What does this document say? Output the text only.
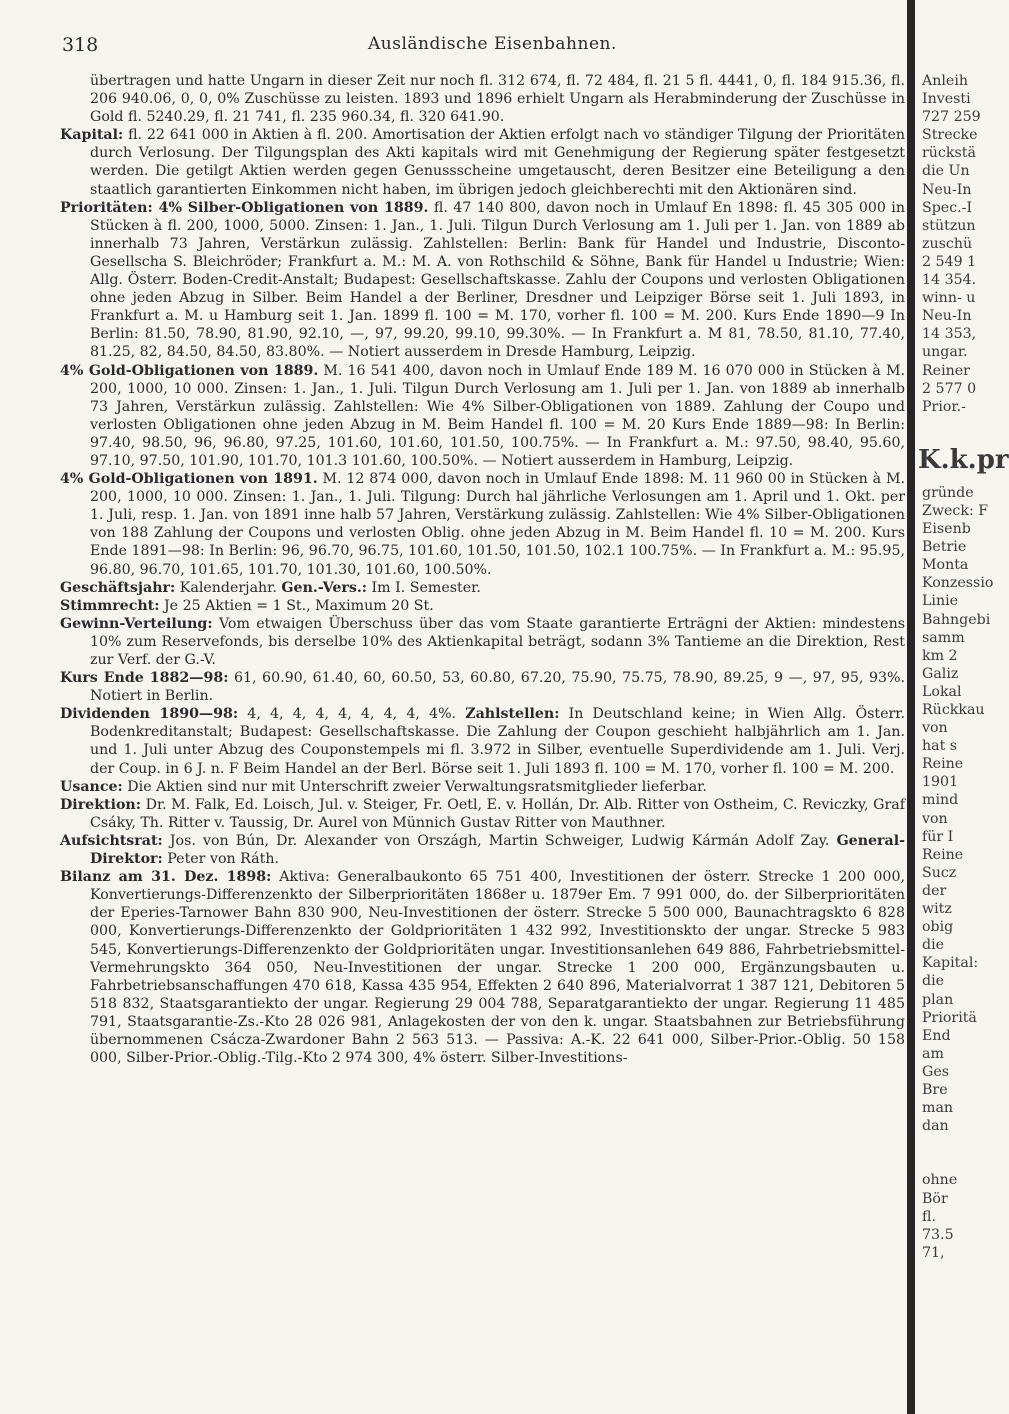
318	Ausländische Eisenbahnen.

übertragen und hatte Ungarn in dieser Zeit nur noch fl. 312 674, fl. 72 484, fl. 21 5 fl. 4441, 0, fl. 184 915.36, fl. 206 940.06, 0, 0, 0% Zuschüsse zu leisten. 1893 und 1896 erhielt Ungarn als Herabminderung der Zuschüsse in Gold fl. 5240.29, fl. 21 741, fl. 235 960.34, fl. 320 641.90.

Kapital: fl. 22 641 000 in Aktien à fl. 200. Amortisation der Aktien erfolgt nach vo ständiger Tilgung der Prioritäten durch Verlosung. Der Tilgungsplan des Akti kapitals wird mit Genehmigung der Regierung später festgesetzt werden. Die getilgt Aktien werden gegen Genussscheine umgetauscht, deren Besitzer eine Beteiligung a den staatlich garantierten Einkommen nicht haben, im übrigen jedoch gleichberechti mit den Aktionären sind.

Prioritäten: 4% Silber-Obligationen von 1889. fl. 47 140 800, davon noch in Umlauf En 1898: fl. 45 305 000 in Stücken à fl. 200, 1000, 5000. Zinsen: 1. Jan., 1. Juli. Tilgun Durch Verlosung am 1. Juli per 1. Jan. von 1889 ab innerhalb 73 Jahren, Verstärkun zulässig. Zahlstellen: Berlin: Bank für Handel und Industrie, Disconto-Gesellscha S. Bleichröder; Frankfurt a. M.: M. A. von Rothschild & Söhne, Bank für Handel u Industrie; Wien: Allg. Österr. Boden-Credit-Anstalt; Budapest: Gesellschaftskasse. Zahlu der Coupons und verlosten Obligationen ohne jeden Abzug in Silber. Beim Handel a der Berliner, Dresdner und Leipziger Börse seit 1. Juli 1893, in Frankfurt a. M. u Hamburg seit 1. Jan. 1899 fl. 100 = M. 170, vorher fl. 100 = M. 200. Kurs Ende 1890—9 In Berlin: 81.50, 78.90, 81.90, 92.10, —, 97, 99.20, 99.10, 99.30%. — In Frankfurt a. M 81, 78.50, 81.10, 77.40, 81.25, 82, 84.50, 84.50, 83.80%. — Notiert ausserdem in Dresde Hamburg, Leipzig.

4% Gold-Obligationen von 1889. M. 16 541 400, davon noch in Umlauf Ende 189 M. 16 070 000 in Stücken à M. 200, 1000, 10 000. Zinsen: 1. Jan., 1. Juli. Tilgun Durch Verlosung am 1. Juli per 1. Jan. von 1889 ab innerhalb 73 Jahren, Verstärkun zulässig. Zahlstellen: Wie 4% Silber-Obligationen von 1889. Zahlung der Coupo und verlosten Obligationen ohne jeden Abzug in M. Beim Handel fl. 100 = M. 20 Kurs Ende 1889—98: In Berlin: 97.40, 98.50, 96, 96.80, 97.25, 101.60, 101.60, 101.50, 100.75%. — In Frankfurt a. M.: 97.50, 98.40, 95.60, 97.10, 97.50, 101.90, 101.70, 101.3 101.60, 100.50%. — Notiert ausserdem in Hamburg, Leipzig.

4% Gold-Obligationen von 1891. M. 12 874 000, davon noch in Umlauf Ende 1898: M. 11 960 00 in Stücken à M. 200, 1000, 10 000. Zinsen: 1. Jan., 1. Juli. Tilgung: Durch hal jährliche Verlosungen am 1. April und 1. Okt. per 1. Juli, resp. 1. Jan. von 1891 inne halb 57 Jahren, Verstärkung zulässig. Zahlstellen: Wie 4% Silber-Obligationen von 188 Zahlung der Coupons und verlosten Oblig. ohne jeden Abzug in M. Beim Handel fl. 10 = M. 200. Kurs Ende 1891—98: In Berlin: 96, 96.70, 96.75, 101.60, 101.50, 101.50, 102.1 100.75%. — In Frankfurt a. M.: 95.95, 96.80, 96.70, 101.65, 101.70, 101.30, 101.60, 100.50%.

Geschäftsjahr: Kalenderjahr. Gen.-Vers.: Im I. Semester.

Stimmrecht: Je 25 Aktien = 1 St., Maximum 20 St.

Gewinn-Verteilung: Vom etwaigen Überschuss über das vom Staate garantierte Erträgni der Aktien: mindestens 10% zum Reservefonds, bis derselbe 10% des Aktienkapital beträgt, sodann 3% Tantieme an die Direktion, Rest zur Verf. der G.-V.

Kurs Ende 1882—98: 61, 60.90, 61.40, 60, 60.50, 53, 60.80, 67.20, 75.90, 75.75, 78.90, 89.25, 9 —, 97, 95, 93%. Notiert in Berlin.

Dividenden 1890—98: 4, 4, 4, 4, 4, 4, 4, 4, 4%. Zahlstellen: In Deutschland keine; in Wien Allg. Österr. Bodenkreditanstalt; Budapest: Gesellschaftskasse. Die Zahlung der Coupon geschieht halbjährlich am 1. Jan. und 1. Juli unter Abzug des Couponstempels mi fl. 3.972 in Silber, eventuelle Superdividende am 1. Juli. Verj. der Coup. in 6 J. n. F Beim Handel an der Berl. Börse seit 1. Juli 1893 fl. 100 = M. 170, vorher fl. 100 = M. 200.

Usance: Die Aktien sind nur mit Unterschrift zweier Verwaltungsratsmitglieder lieferbar.

Direktion: Dr. M. Falk, Ed. Loisch, Jul. v. Steiger, Fr. Oetl, E. v. Hollán, Dr. Alb. Ritter von Ostheim, C. Reviczky, Graf Csáky, Th. Ritter v. Taussig, Dr. Aurel von Münnich Gustav Ritter von Mauthner.

Aufsichtsrat: Jos. von Bún, Dr. Alexander von Országh, Martin Schweiger, Ludwig Kármán Adolf Zay. General-Direktor: Peter von Ráth.

Bilanz am 31. Dez. 1898: Aktiva: Generalbaukonto 65 751 400, Investitionen der österr. Strecke 1 200 000, Konvertierungs-Differenzenkto der Silberprioritäten 1868er u. 1879er Em. 7 991 000, do. der Silberprioritäten der Eperies-Tarnower Bahn 830 900, Neu-Investitionen der österr. Strecke 5 500 000, Baunachtragskto 6 828 000, Konvertierungs-Differenzenkto der Goldprioritäten 1 432 992, Investitionskto der ungar. Strecke 5 983 545, Konvertierungs-Differenzenkto der Goldprioritäten ungar. Investitionsanlehen 649 886, Fahrbetriebsmittel-Vermehrungskto 364 050, Neu-Investitionen der ungar. Strecke 1 200 000, Ergänzungsbauten u. Fahrbetriebsanschaffungen 470 618, Kassa 435 954, Effekten 2 640 896, Materialvorrat 1 387 121, Debitoren 5 518 832, Staatsgarantiekto der ungar. Regierung 29 004 788, Separatgarantiekto der ungar. Regierung 11 485 791, Staatsgarantie-Zs.-Kto 28 026 981, Anlagekosten der von den k. ungar. Staatsbahnen zur Betriebsführung übernommenen Csácza-Zwardoner Bahn 2 563 513. — Passiva: A.-K. 22 641 000, Silber-Prior.-Oblig. 50 158 000, Silber-Prior.-Oblig.-Tilg.-Kto 2 974 300, 4% österr. Silber-Investitions-

Anleih
Investi
727 259
Strecke
rückstä
die Un
Neu-In
Spec.-I
stützun
zuschü
2 549 1
14 354.
winn- u
Neu-In
14 353,
ungar.
Reiner
2 577 0
Prior.-
K.k.pr
gründe
Zweck: F
Eisenb
Betrie
Monta
Konzessio
Linie
Bahngebi
samm
km 2
Galiz
Lokal
Rückkau
von
hat s
Reine
1901
mind
von
für I
Reine
Sucz
der
witz
obig
die
Kapital:
die
plan
Prioritä
End
am
Ges
Bre
man
dan
ohne
Bör
fl.
73.5
71,
